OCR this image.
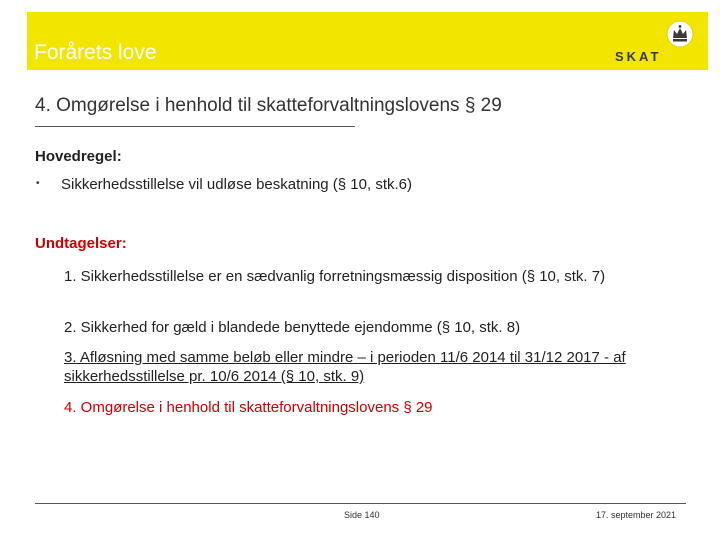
Forårets love	SKAT
4. Omgørelse i henhold til skatteforvaltningslovens § 29
Hovedregel:
• Sikkerhedsstillelse vil udløse beskatning (§ 10, stk.6)
Undtagelser:
1. Sikkerhedsstillelse er en sædvanlig forretningsmæssig disposition (§ 10, stk. 7)
2. Sikkerhed for gæld i blandede benyttede ejendomme (§ 10, stk. 8)
3. Afløsning med samme beløb eller mindre – i perioden 11/6 2014 til 31/12 2017 - af sikkerhedsstillelse pr. 10/6 2014 (§ 10, stk. 9)
4. Omgørelse i henhold til skatteforvaltningslovens § 29
Side 140	17. september 2021
